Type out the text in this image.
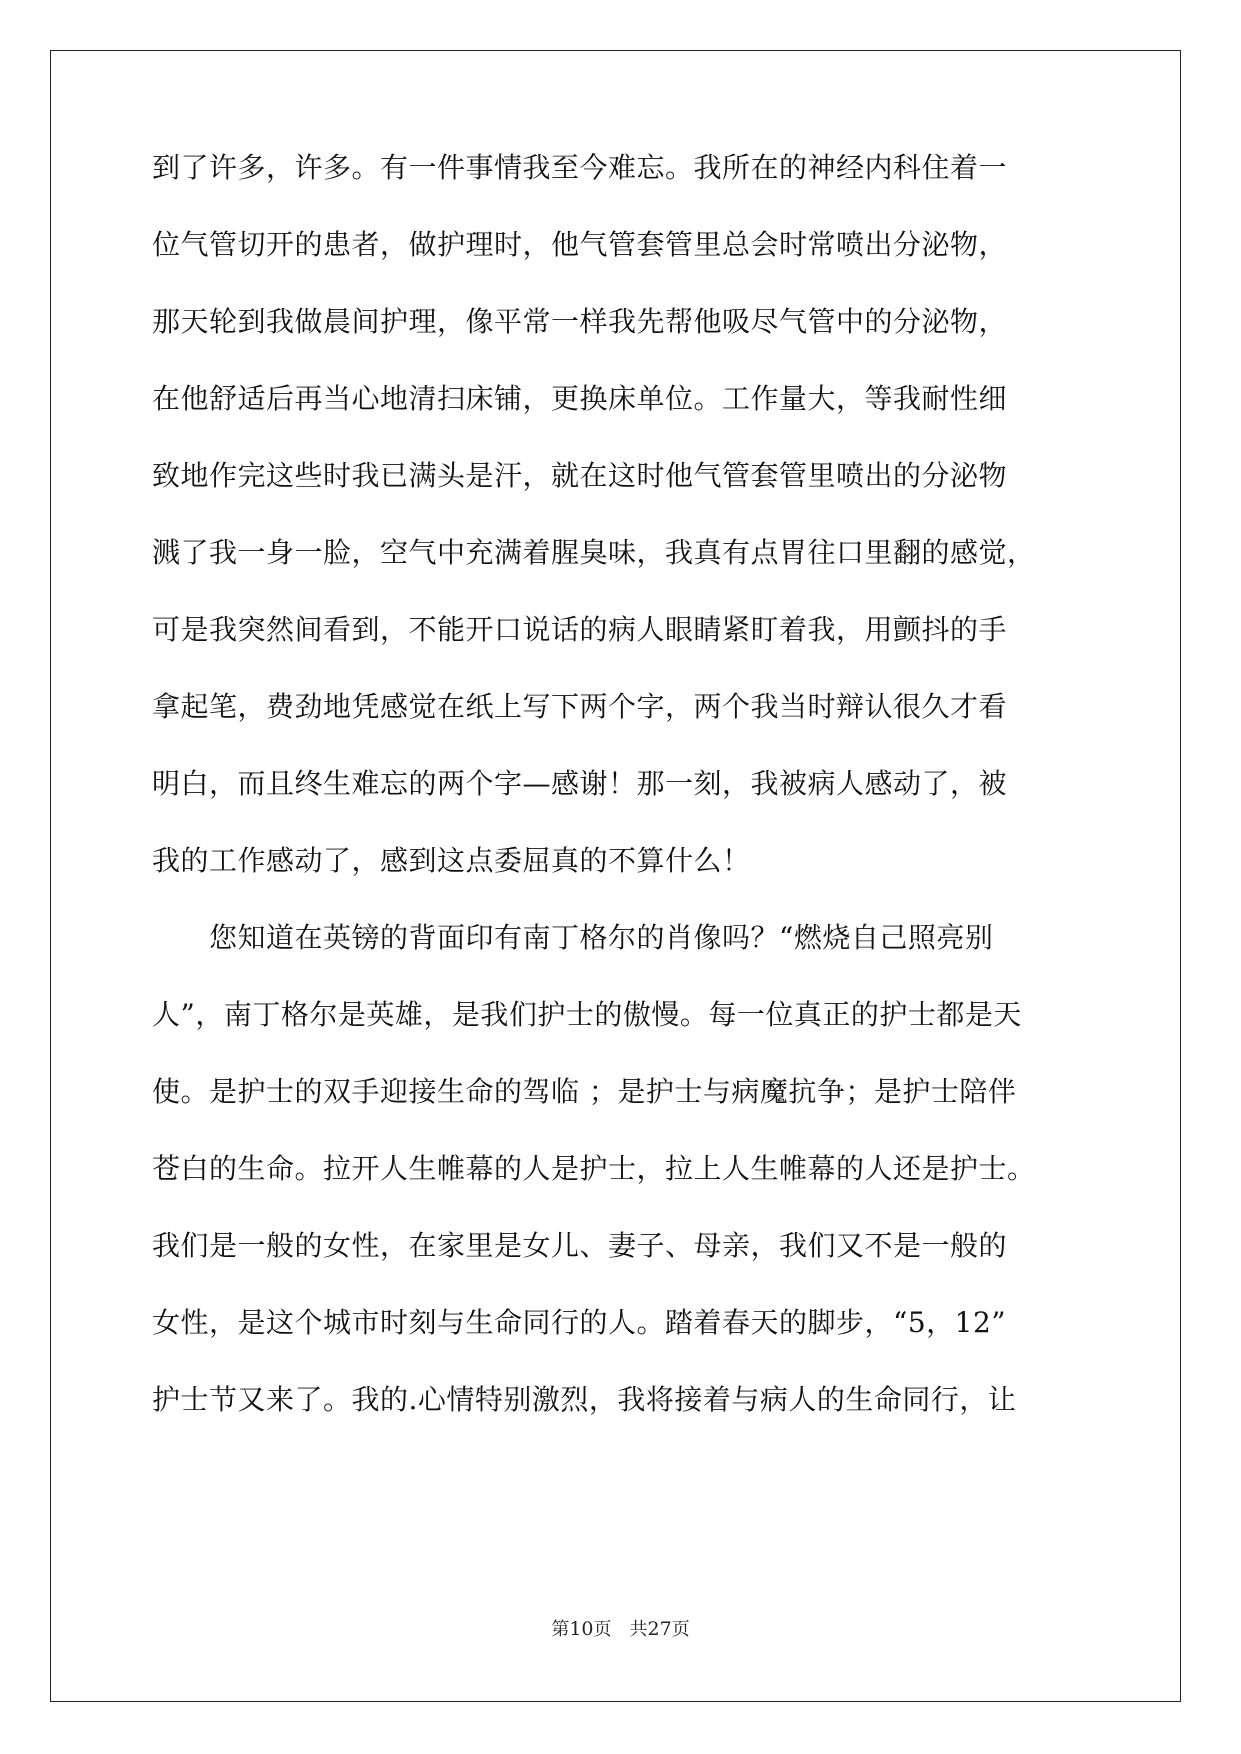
到了许多，许多。有一件事情我至今难忘。我所在的神经内科住着一
位气管切开的患者，做护理时，他气管套管里总会时常喷出分泌物，
那天轮到我做晨间护理，像平常一样我先帮他吸尽气管中的分泌物，
在他舒适后再当心地清扫床铺，更换床单位。工作量大，等我耐性细
致地作完这些时我已满头是汗，就在这时他气管套管里喷出的分泌物
溅了我一身一脸，空气中充满着腥臭味，我真有点胃往口里翻的感觉，
可是我突然间看到，不能开口说话的病人眼睛紧盯着我，用颤抖的手
拿起笔，费劲地凭感觉在纸上写下两个字，两个我当时辩认很久才看
明白，而且终生难忘的两个字—感谢！那一刻，我被病人感动了，被
我的工作感动了，感到这点委屈真的不算什么！
　　您知道在英镑的背面印有南丁格尔的肖像吗？“燃烧自己照亮别
人”，南丁格尔是英雄，是我们护士的傲慢。每一位真正的护士都是天
使。是护士的双手迎接生命的驾临 ；是护士与病魔抗争；是护士陪伴
苍白的生命。拉开人生帷幕的人是护士，拉上人生帷幕的人还是护士。
我们是一般的女性，在家里是女儿、妻子、母亲，我们又不是一般的
女性，是这个城市时刻与生命同行的人。踏着春天的脚步，“5，12”
护士节又来了。我的.心情特别激烈，我将接着与病人的生命同行，让
第10页　共27页
